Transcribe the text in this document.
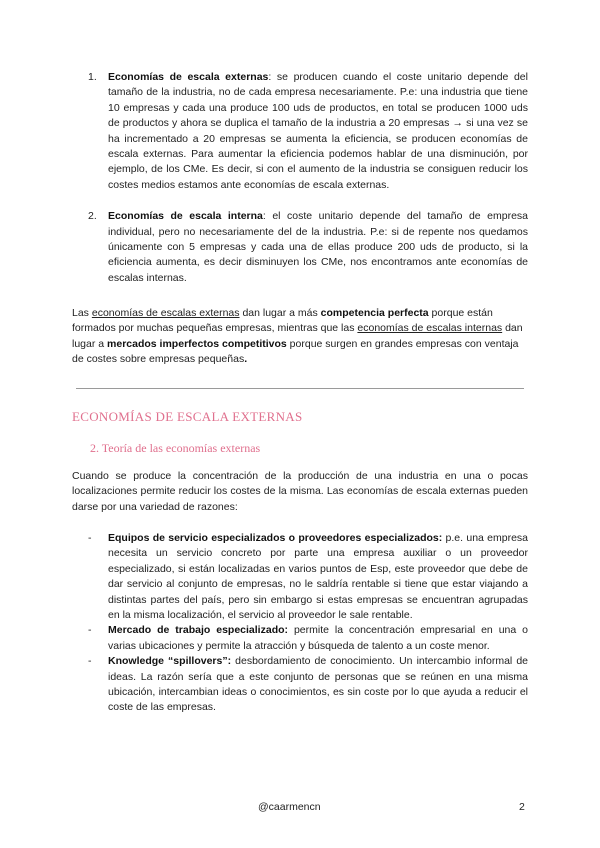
1. Economías de escala externas: se producen cuando el coste unitario depende del tamaño de la industria, no de cada empresa necesariamente. P.e: una industria que tiene 10 empresas y cada una produce 100 uds de productos, en total se producen 1000 uds de productos y ahora se duplica el tamaño de la industria a 20 empresas → si una vez se ha incrementado a 20 empresas se aumenta la eficiencia, se producen economías de escala externas. Para aumentar la eficiencia podemos hablar de una disminución, por ejemplo, de los CMe. Es decir, si con el aumento de la industria se consiguen reducir los costes medios estamos ante economías de escala externas.
2. Economías de escala interna: el coste unitario depende del tamaño de empresa individual, pero no necesariamente del de la industria. P.e: si de repente nos quedamos únicamente con 5 empresas y cada una de ellas produce 200 uds de producto, si la eficiencia aumenta, es decir disminuyen los CMe, nos encontramos ante economías de escalas internas.
Las economías de escalas externas dan lugar a más competencia perfecta porque están formados por muchas pequeñas empresas, mientras que las economías de escalas internas dan lugar a mercados imperfectos competitivos porque surgen en grandes empresas con ventaja de costes sobre empresas pequeñas.
ECONOMÍAS DE ESCALA EXTERNAS
2. Teoría de las economías externas
Cuando se produce la concentración de la producción de una industria en una o pocas localizaciones permite reducir los costes de la misma. Las economías de escala externas pueden darse por una variedad de razones:
- Equipos de servicio especializados o proveedores especializados: p.e. una empresa necesita un servicio concreto por parte una empresa auxiliar o un proveedor especializado, si están localizadas en varios puntos de Esp, este proveedor que debe de dar servicio al conjunto de empresas, no le saldría rentable si tiene que estar viajando a distintas partes del país, pero sin embargo si estas empresas se encuentran agrupadas en la misma localización, el servicio al proveedor le sale rentable.
- Mercado de trabajo especializado: permite la concentración empresarial en una o varias ubicaciones y permite la atracción y búsqueda de talento a un coste menor.
- Knowledge “spillovers”: desbordamiento de conocimiento. Un intercambio informal de ideas. La razón sería que a este conjunto de personas que se reúnen en una misma ubicación, intercambian ideas o conocimientos, es sin coste por lo que ayuda a reducir el coste de las empresas.
@caarmencn	2
